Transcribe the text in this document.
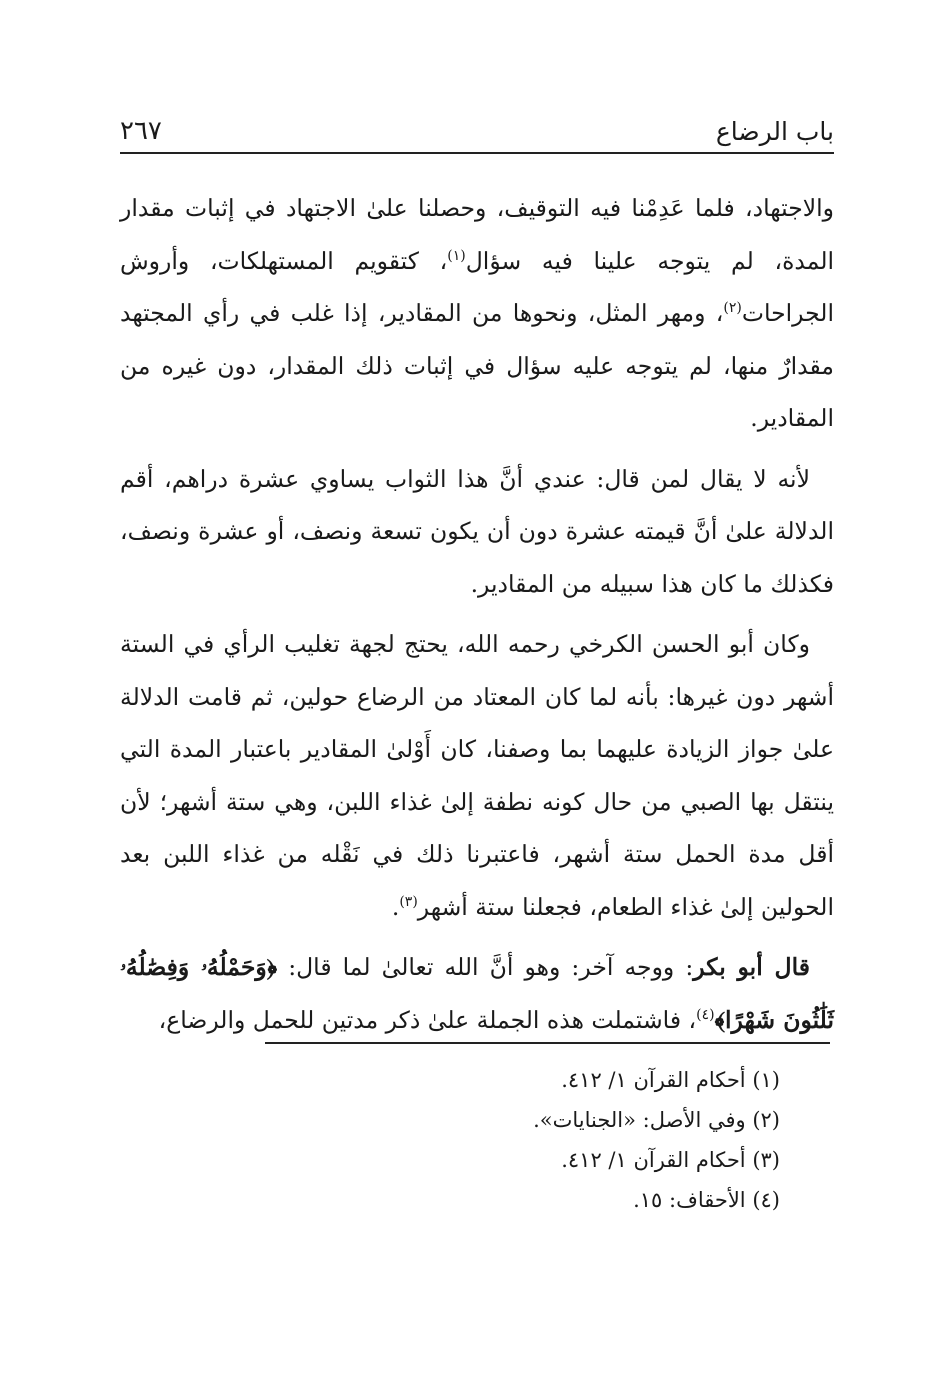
باب الرضاع
٢٦٧

والاجتهاد، فلما عَدِمْنا فيه التوقيف، وحصلنا علىٰ الاجتهاد في إثبات مقدار المدة، لم يتوجه علينا فيه سؤال$^{(١)}$، كتقويم المستهلكات، وأروش الجراحات$^{(٢)}$، ومهر المثل، ونحوها من المقادير، إذا غلب في رأي المجتهد مقدارٌ منها، لم يتوجه عليه سؤال في إثبات ذلك المقدار، دون غيره من المقادير.

لأنه لا يقال لمن قال: عندي أنَّ هذا الثواب يساوي عشرة دراهم، أقم الدلالة علىٰ أنَّ قيمته عشرة دون أن يكون تسعة ونصف، أو عشرة ونصف، فكذلك ما كان هذا سبيله من المقادير.

وكان أبو الحسن الكرخي رحمه الله، يحتج لجهة تغليب الرأي في الستة أشهر دون غيرها: بأنه لما كان المعتاد من الرضاع حولين، ثم قامت الدلالة علىٰ جواز الزيادة عليهما بما وصفنا، كان أَوْلىٰ المقادير باعتبار المدة التي ينتقل بها الصبي من حال كونه نطفة إلىٰ غذاء اللبن، وهي ستة أشهر؛ لأن أقل مدة الحمل ستة أشهر، فاعتبرنا ذلك في نَقْله من غذاء اللبن بعد الحولين إلىٰ غذاء الطعام، فجعلنا ستة أشهر$^{(٣)}$.

قال أبو بكر: ووجه آخر: وهو أنَّ الله تعالىٰ لما قال: ﴿وَحَمْلُهُۥ وَفِصَٰلُهُۥ ثَلَٰثُونَ شَهْرًا﴾$^{(٤)}$، فاشتملت هذه الجملة علىٰ ذكر مدتين للحمل والرضاع،

(١) أحكام القرآن ١/ ٤١٢.

(٢) وفي الأصل: «الجنايات».

(٣) أحكام القرآن ١/ ٤١٢.

(٤) الأحقاف: ١٥.
